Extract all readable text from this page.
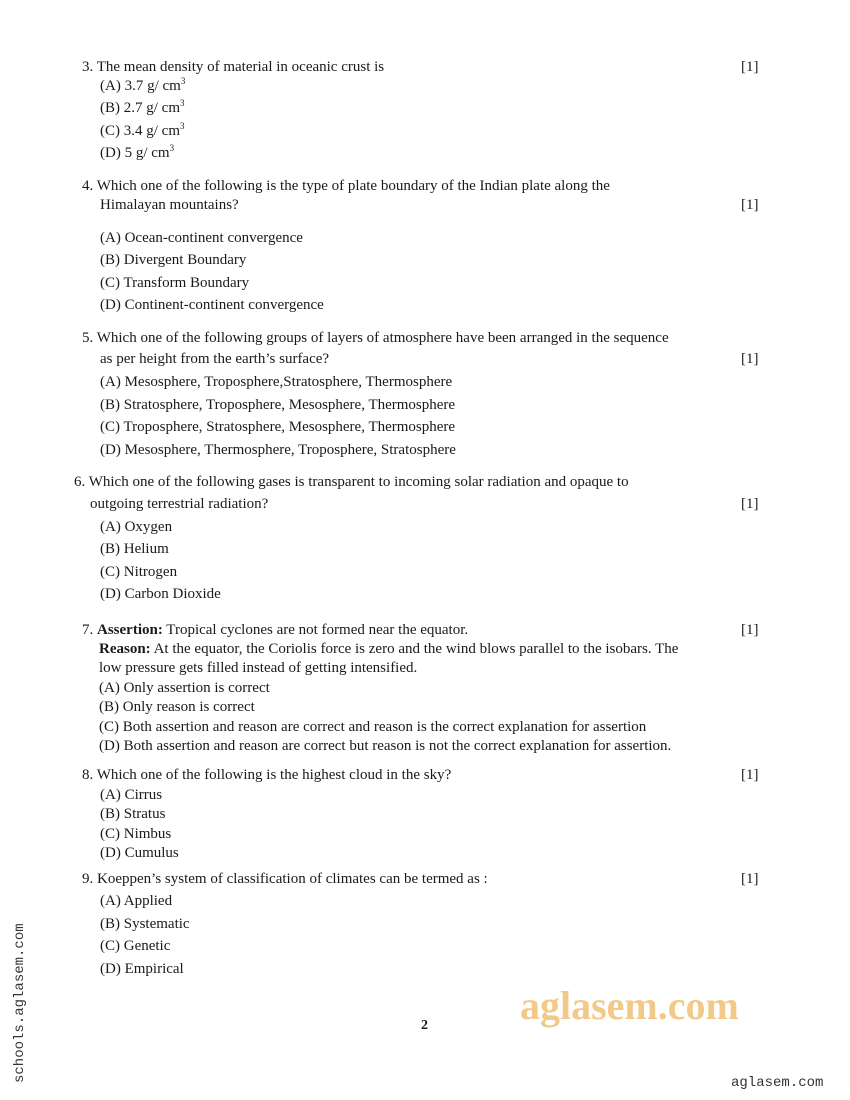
3. The mean density of material in oceanic crust is	[1]
(A) 3.7 g/ $cm^3$
(B) 2.7 g/ $cm^3$
(C) 3.4 g/ $cm^3$
(D) 5 g/ $cm^3$
4. Which one of the following is the type of plate boundary of the Indian plate along the
Himalayan mountains?	[1]
(A) Ocean-continent convergence
(B) Divergent Boundary
(C) Transform Boundary
(D) Continent-continent convergence
5. Which one of the following groups of layers of atmosphere have been arranged in the sequence
as per height from the earth’s surface?	[1]
(A) Mesosphere, Troposphere,Stratosphere, Thermosphere
(B) Stratosphere, Troposphere, Mesosphere, Thermosphere
(C) Troposphere, Stratosphere, Mesosphere, Thermosphere
(D) Mesosphere, Thermosphere, Troposphere, Stratosphere
6. Which one of the following gases is transparent to incoming solar radiation and opaque to
outgoing terrestrial radiation?	[1]
(A) Oxygen
(B) Helium
(C) Nitrogen
(D) Carbon Dioxide
7. Assertion: Tropical cyclones are not formed near the equator.	[1]
Reason: At the equator, the Coriolis force is zero and the wind blows parallel to the isobars. The
low pressure gets filled instead of getting intensified.
(A) Only assertion is correct
(B) Only reason is correct
(C) Both assertion and reason are correct and reason is the correct explanation for assertion
(D) Both assertion and reason are correct but reason is not the correct explanation for assertion.
8. Which one of the following is the highest cloud in the sky?	[1]
(A) Cirrus
(B) Stratus
(C) Nimbus
(D) Cumulus
9. Koeppen’s system of classification of climates can be termed as :	[1]
(A) Applied
(B) Systematic
(C) Genetic
(D) Empirical
aglasem.com
2
schools.aglasem.com	aglasem.com
